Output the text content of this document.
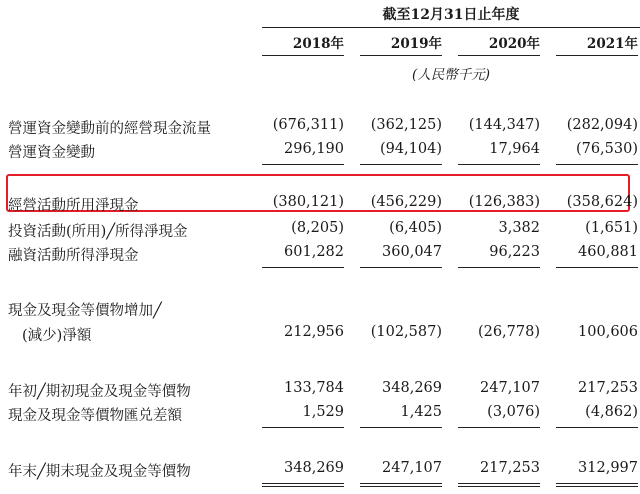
截至12月31日止年度
2018年	2019年	2020年	2021年
(人民幣千元)
營運資金變動前的經營現金流量	(676,311)	(362,125)	(144,347)	(282,094)
營運資金變動	296,190	(94,104)	17,964	(76,530)
經營活動所用淨現金	(380,121)	(456,229)	(126,383)	(358,624)
投資活動(所用)╱所得淨現金	(8,205)	(6,405)	3,382	(1,651)
融資活動所得淨現金	601,282	360,047	96,223	460,881
現金及現金等價物增加╱
(減少)淨額	212,956	(102,587)	(26,778)	100,606
年初╱期初現金及現金等價物	133,784	348,269	247,107	217,253
現金及現金等價物匯兑差額	1,529	1,425	(3,076)	(4,862)
年末╱期末現金及現金等價物	348,269	247,107	217,253	312,997
